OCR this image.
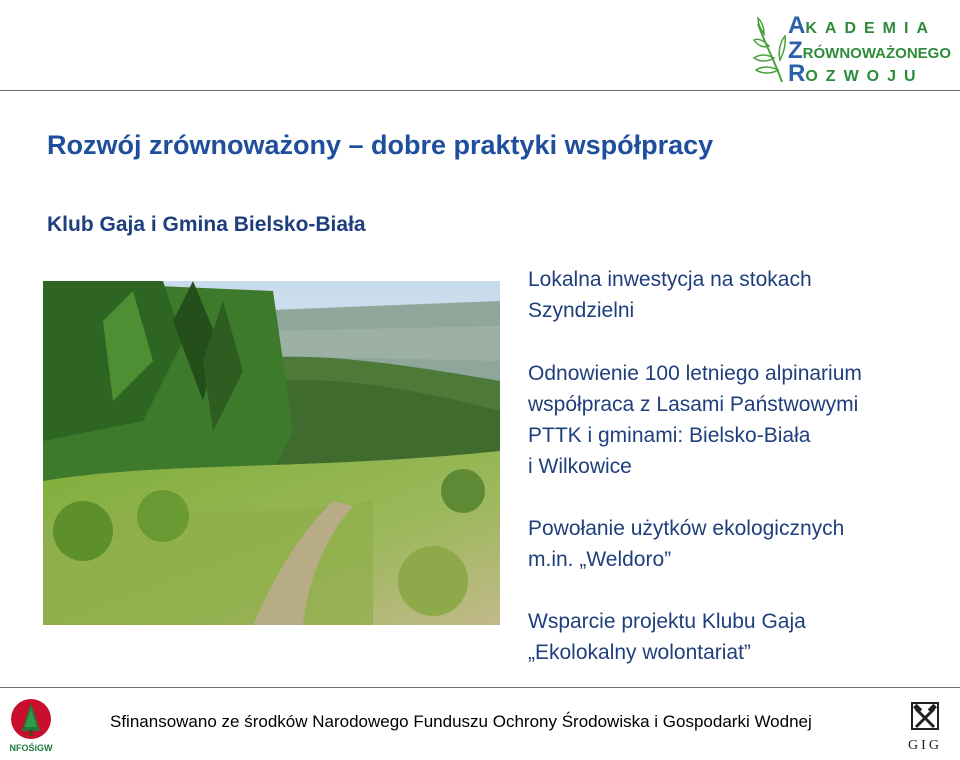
AKADEMIA
ZRÓWNOWAŻONEGO
ROZWOJU
Rozwój zrównoważony – dobre praktyki współpracy
Klub Gaja i Gmina Bielsko-Biała
Lokalna inwestycja na stokach
Szyndzielni
Odnowienie 100 letniego alpinarium
współpraca z Lasami Państwowymi
PTTK i gminami: Bielsko-Biała
i Wilkowice
Powołanie użytków ekologicznych
m.in. „Weldoro”
Wsparcie projektu Klubu Gaja
„Ekolokalny wolontariat”
NFOŚiGW
Sfinansowano ze środków Narodowego Funduszu Ochrony Środowiska i Gospodarki Wodnej
GIG
